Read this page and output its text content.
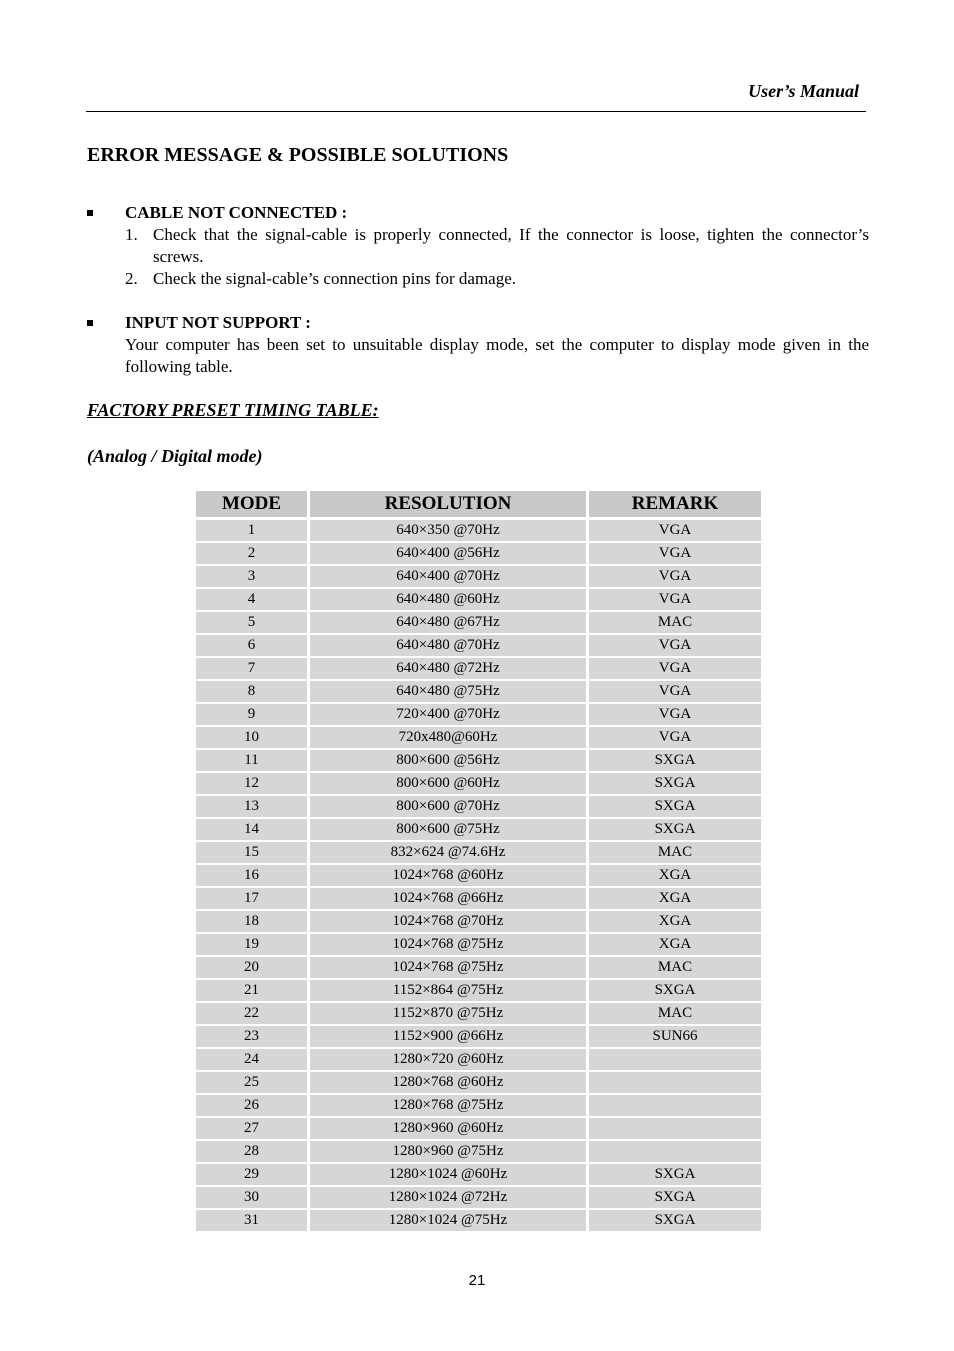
User’s Manual
ERROR MESSAGE & POSSIBLE SOLUTIONS
CABLE NOT CONNECTED :
1. Check that the signal-cable is properly connected, If the connector is loose, tighten the connector’s screws.
2. Check the signal-cable’s connection pins for damage.
INPUT NOT SUPPORT :
Your computer has been set to unsuitable display mode, set the computer to display mode given in the following table.
FACTORY PRESET TIMING TABLE:
(Analog / Digital mode)
MODE	RESOLUTION	REMARK
1	640×350 @70Hz	VGA
2	640×400 @56Hz	VGA
3	640×400 @70Hz	VGA
4	640×480 @60Hz	VGA
5	640×480 @67Hz	MAC
6	640×480 @70Hz	VGA
7	640×480 @72Hz	VGA
8	640×480 @75Hz	VGA
9	720×400 @70Hz	VGA
10	720x480@60Hz	VGA
11	800×600 @56Hz	SXGA
12	800×600 @60Hz	SXGA
13	800×600 @70Hz	SXGA
14	800×600 @75Hz	SXGA
15	832×624 @74.6Hz	MAC
16	1024×768 @60Hz	XGA
17	1024×768 @66Hz	XGA
18	1024×768 @70Hz	XGA
19	1024×768 @75Hz	XGA
20	1024×768 @75Hz	MAC
21	1152×864 @75Hz	SXGA
22	1152×870 @75Hz	MAC
23	1152×900 @66Hz	SUN66
24	1280×720 @60Hz	
25	1280×768 @60Hz	
26	1280×768 @75Hz	
27	1280×960 @60Hz	
28	1280×960 @75Hz	
29	1280×1024 @60Hz	SXGA
30	1280×1024 @72Hz	SXGA
31	1280×1024 @75Hz	SXGA
21
